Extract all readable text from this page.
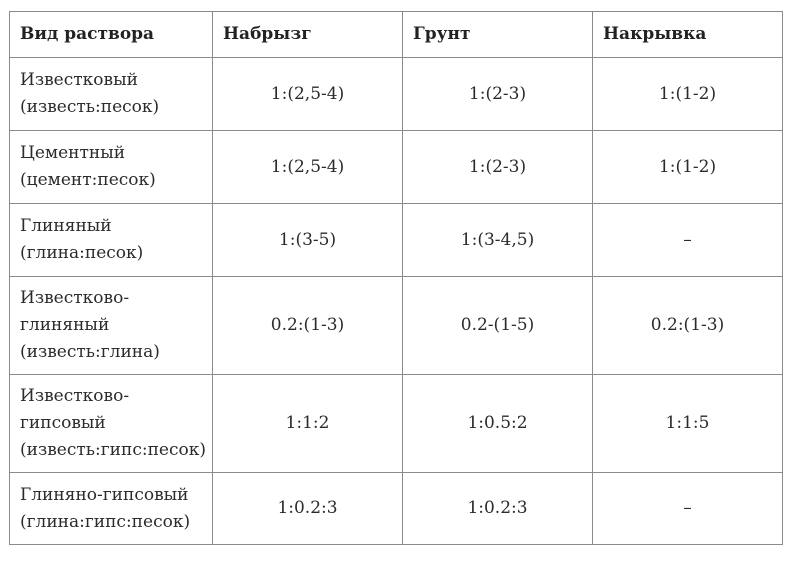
Вид раствора	Набрызг	Грунт	Накрывка

Известковый
(известь:песок)	1:(2,5-4)	1:(2-3)	1:(1-2)

Цементный
(цемент:песок)	1:(2,5-4)	1:(2-3)	1:(1-2)

Глиняный
(глина:песок)	1:(3-5)	1:(3-4,5)	–

Известково-
глиняный
(известь:глина)	0.2:(1-3)	0.2-(1-5)	0.2:(1-3)

Известково-
гипсовый
(известь:гипс:песок)	1:1:2	1:0.5:2	1:1:5

Глиняно-гипсовый
(глина:гипс:песок)	1:0.2:3	1:0.2:3	–
